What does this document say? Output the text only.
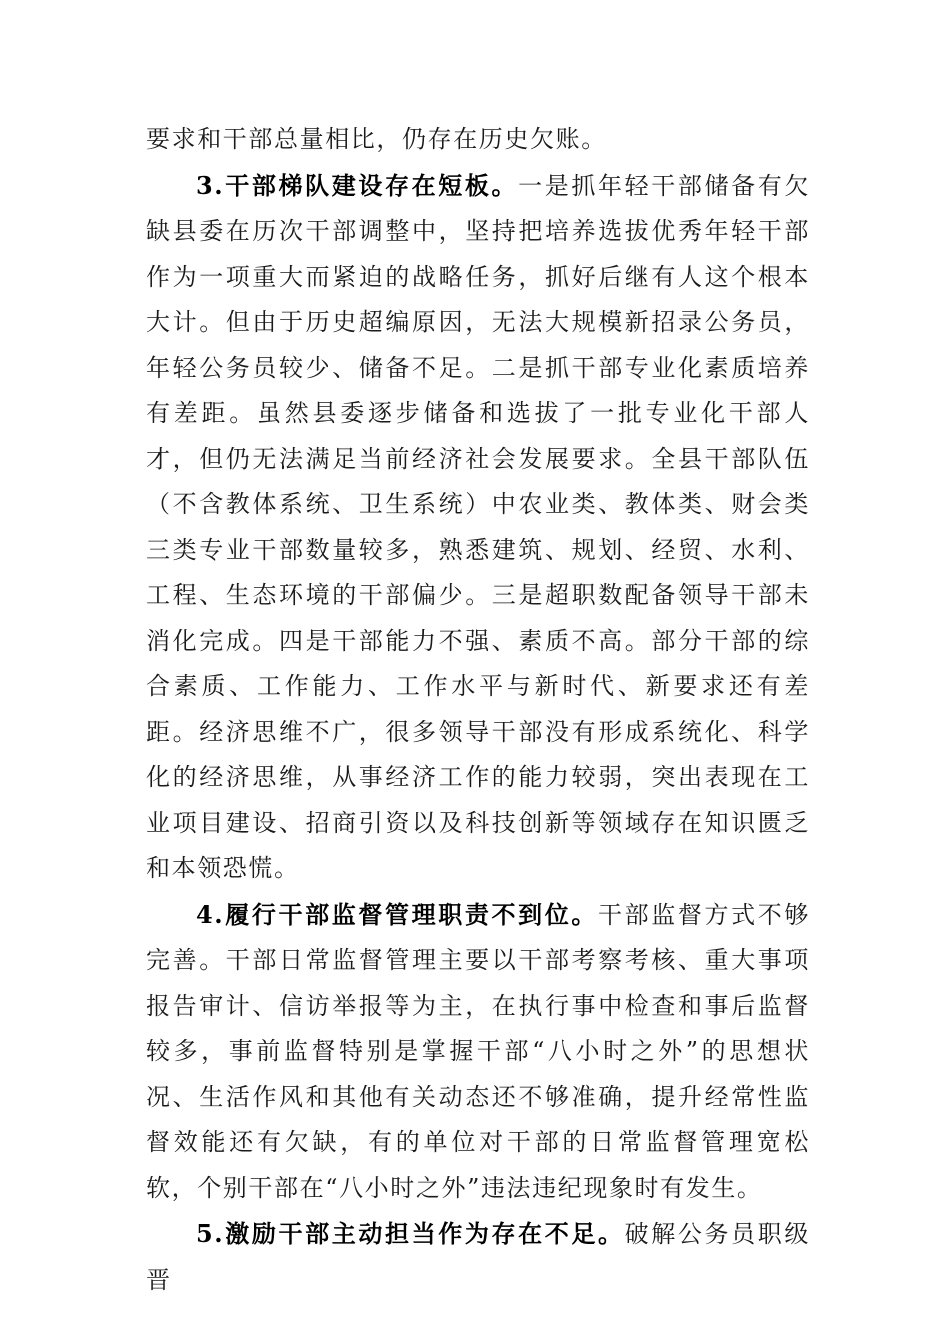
要求和干部总量相比，仍存在历史欠账。

3.干部梯队建设存在短板。一是抓年轻干部储备有欠缺县委在历次干部调整中，坚持把培养选拔优秀年轻干部作为一项重大而紧迫的战略任务，抓好后继有人这个根本大计。但由于历史超编原因，无法大规模新招录公务员，年轻公务员较少、储备不足。二是抓干部专业化素质培养有差距。虽然县委逐步储备和选拔了一批专业化干部人才，但仍无法满足当前经济社会发展要求。全县干部队伍（不含教体系统、卫生系统）中农业类、教体类、财会类三类专业干部数量较多，熟悉建筑、规划、经贸、水利、工程、生态环境的干部偏少。三是超职数配备领导干部未消化完成。四是干部能力不强、素质不高。部分干部的综合素质、工作能力、工作水平与新时代、新要求还有差距。经济思维不广，很多领导干部没有形成系统化、科学化的经济思维，从事经济工作的能力较弱，突出表现在工业项目建设、招商引资以及科技创新等领域存在知识匮乏和本领恐慌。

4.履行干部监督管理职责不到位。干部监督方式不够完善。干部日常监督管理主要以干部考察考核、重大事项报告审计、信访举报等为主，在执行事中检查和事后监督较多，事前监督特别是掌握干部“八小时之外”的思想状况、生活作风和其他有关动态还不够准确，提升经常性监督效能还有欠缺，有的单位对干部的日常监督管理宽松软，个别干部在“八小时之外”违法违纪现象时有发生。

5.激励干部主动担当作为存在不足。破解公务员职级晋
